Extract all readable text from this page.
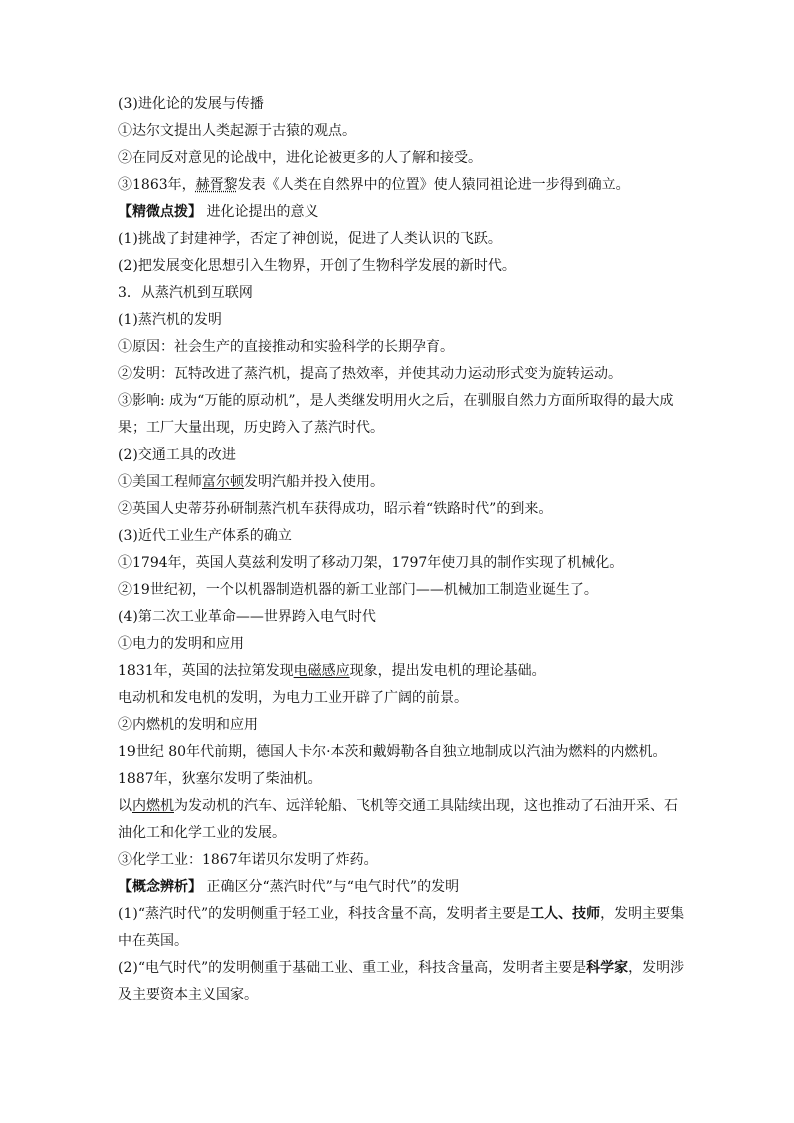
(3)进化论的发展与传播
①达尔文提出人类起源于古猿的观点。
②在同反对意见的论战中，进化论被更多的人了解和接受。
③1863年，赫胥黎发表《人类在自然界中的位置》使人猿同祖论进一步得到确立。
【精微点拨】 进化论提出的意义
(1)挑战了封建神学，否定了神创说，促进了人类认识的飞跃。
(2)把发展变化思想引入生物界，开创了生物科学发展的新时代。
3．从蒸汽机到互联网
(1)蒸汽机的发明
①原因：社会生产的直接推动和实验科学的长期孕育。
②发明：瓦特改进了蒸汽机，提高了热效率，并使其动力运动形式变为旋转运动。
③影响: 成为“万能的原动机”，是人类继发明用火之后，在驯服自然力方面所取得的最大成果；工厂大量出现，历史跨入了蒸汽时代。
(2)交通工具的改进
①美国工程师富尔顿发明汽船并投入使用。
②英国人史蒂芬孙研制蒸汽机车获得成功，昭示着“铁路时代”的到来。
(3)近代工业生产体系的确立
①1794年，英国人莫兹利发明了移动刀架，1797年使刀具的制作实现了机械化。
②19世纪初，一个以机器制造机器的新工业部门——机械加工制造业诞生了。
(4)第二次工业革命——世界跨入电气时代
①电力的发明和应用
1831年，英国的法拉第发现电磁感应现象，提出发电机的理论基础。
电动机和发电机的发明，为电力工业开辟了广阔的前景。
②内燃机的发明和应用
19世纪 80年代前期，德国人卡尔·本茨和戴姆勒各自独立地制成以汽油为燃料的内燃机。
1887年，狄塞尔发明了柴油机。
以内燃机为发动机的汽车、远洋轮船、飞机等交通工具陆续出现，这也推动了石油开采、石油化工和化学工业的发展。
③化学工业：1867年诺贝尔发明了炸药。
【概念辨析】 正确区分“蒸汽时代”与“电气时代”的发明
(1)“蒸汽时代”的发明侧重于轻工业，科技含量不高，发明者主要是工人、技师，发明主要集中在英国。
(2)“电气时代”的发明侧重于基础工业、重工业，科技含量高，发明者主要是科学家，发明涉及主要资本主义国家。
